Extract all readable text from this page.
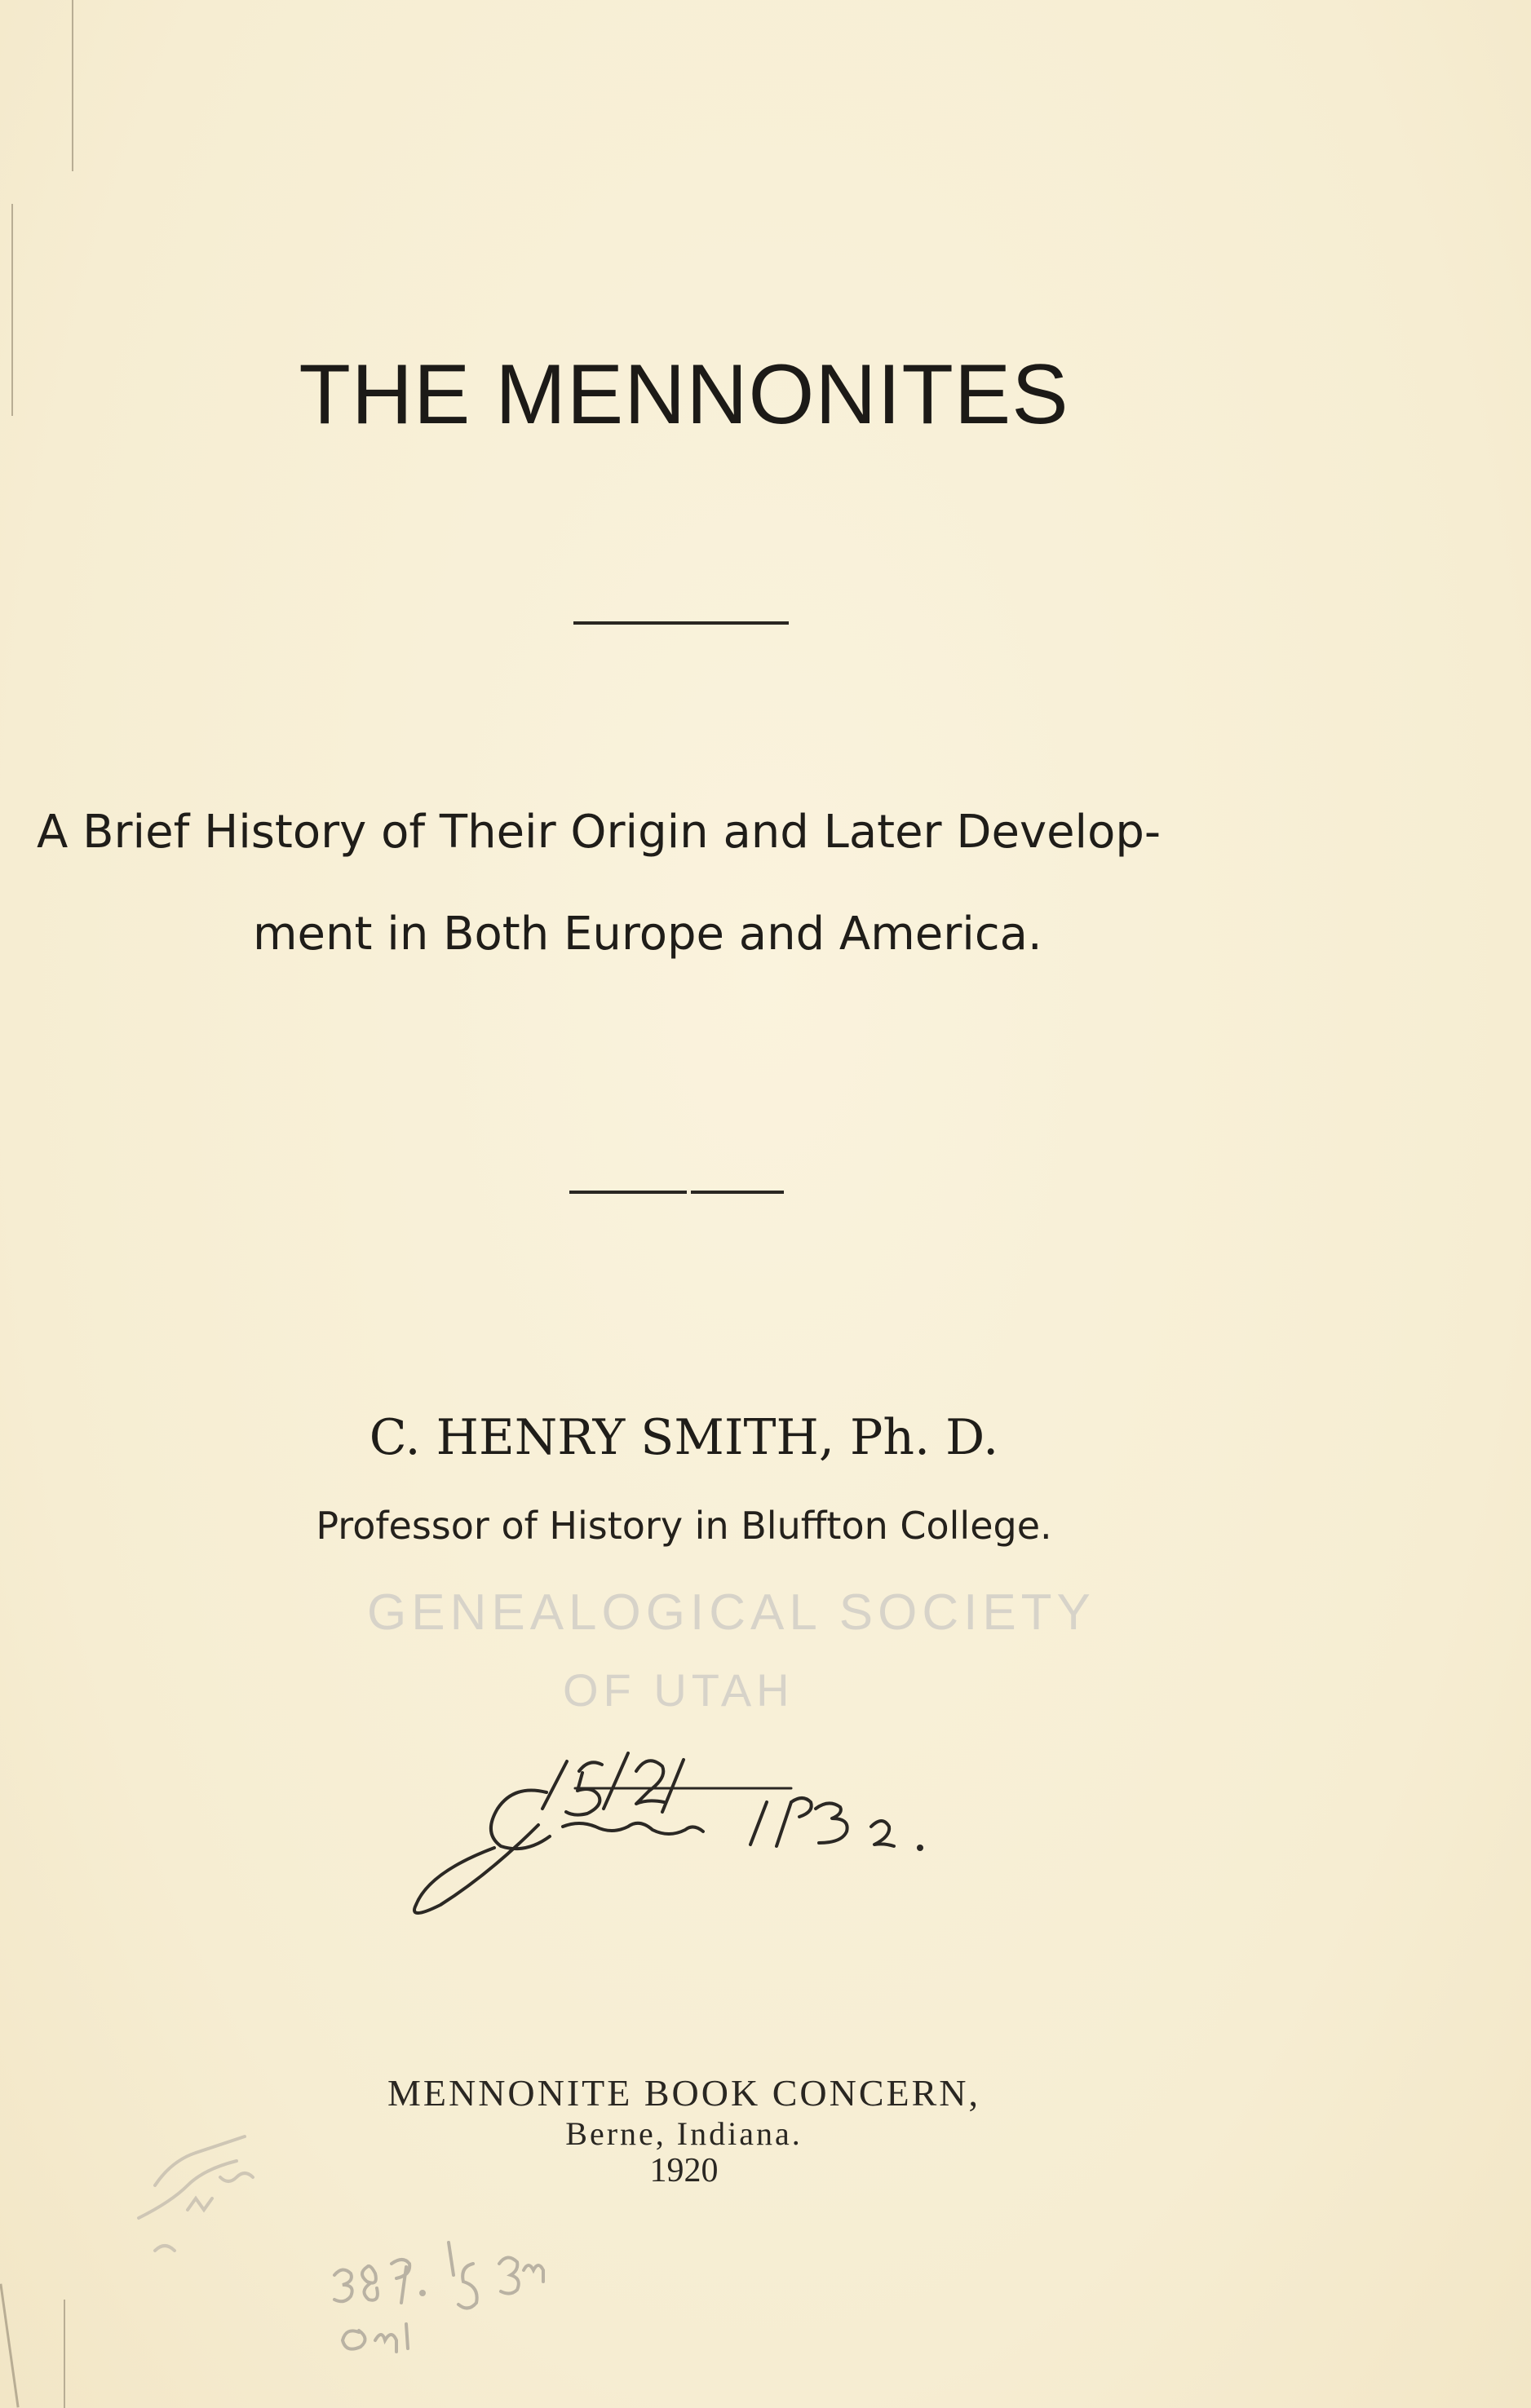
THE MENNONITES
A Brief History of Their Origin and Later Develop-
ment in Both Europe and America.
C. HENRY SMITH, Ph. D.
Professor of History in Bluffton College.
GENEALOGICAL SOCIETY
OF UTAH
MENNONITE BOOK CONCERN,
Berne, Indiana.
1920
